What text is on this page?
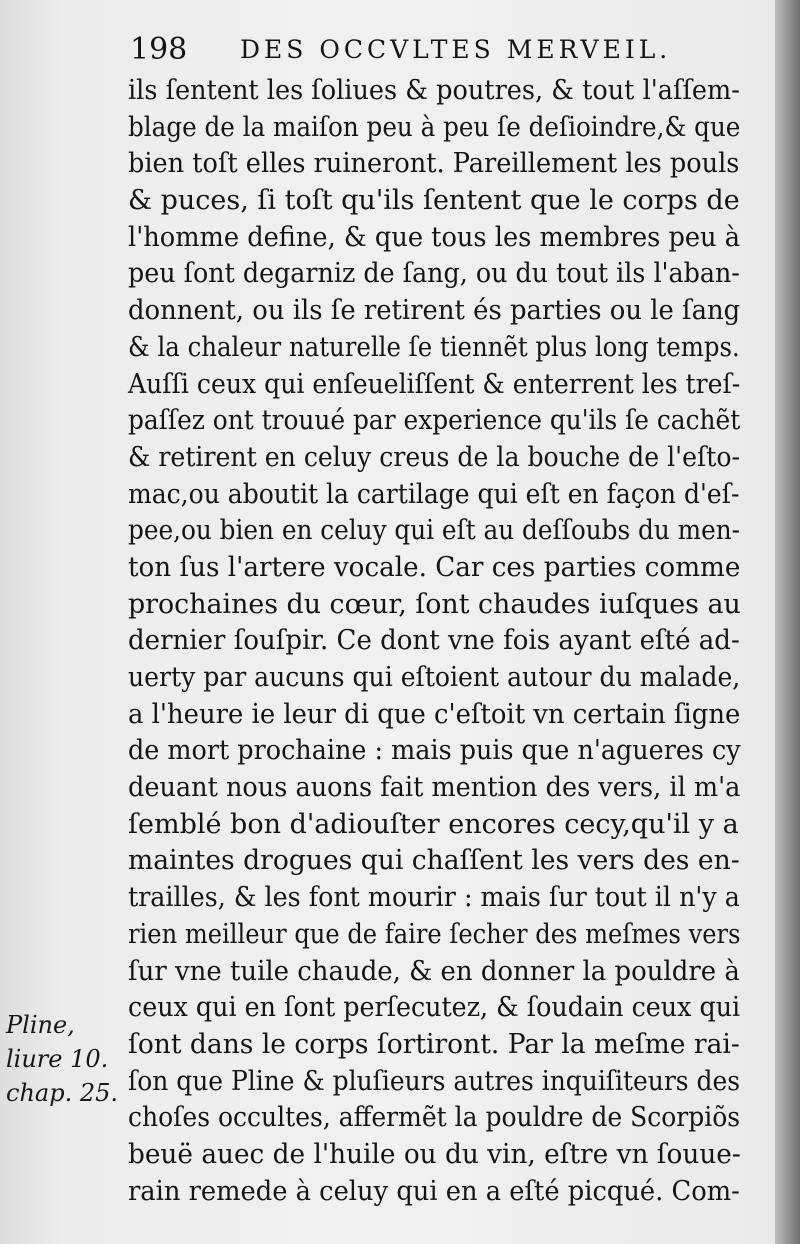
198 DES OCCVLTES MERVEIL.
ils ſentent les ſoliues & poutres, & tout l'aſſem-
blage de la maiſon peu à peu ſe deſioindre,& que
bien toſt elles ruineront. Pareillement les pouls
& puces, ſi toſt qu'ils ſentent que le corps de
l'homme define, & que tous les membres peu à
peu ſont degarniz de ſang, ou du tout ils l'aban-
donnent, ou ils ſe retirent és parties ou le ſang
& la chaleur naturelle ſe tiennẽt plus long temps.
Auſſi ceux qui enſeueliſſent & enterrent les treſ-
paſſez ont trouué par experience qu'ils ſe cachẽt
& retirent en celuy creus de la bouche de l'eſto-
mac,ou aboutit la cartilage qui eſt en façon d'eſ-
pee,ou bien en celuy qui eſt au deſſoubs du men-
ton ſus l'artere vocale. Car ces parties comme
prochaines du cœur, ſont chaudes iuſques au
dernier ſouſpir. Ce dont vne fois ayant eſté ad-
uerty par aucuns qui eſtoient autour du malade,
a l'heure ie leur di que c'eſtoit vn certain ſigne
de mort prochaine : mais puis que n'agueres cy
deuant nous auons fait mention des vers, il m'a
ſemblé bon d'adiouſter encores cecy,qu'il y a
maintes drogues qui chaſſent les vers des en-
trailles, & les font mourir : mais ſur tout il n'y a
rien meilleur que de faire ſecher des meſmes vers
ſur vne tuile chaude, & en donner la pouldre à
ceux qui en ſont perſecutez, & ſoudain ceux qui
ſont dans le corps ſortiront. Par la meſme rai-
ſon que Pline & pluſieurs autres inquiſiteurs des
choſes occultes, affermẽt la pouldre de Scorpiõs
beuë auec de l'huile ou du vin, eſtre vn ſouue-
rain remede à celuy qui en a eſté picqué. Com-
Pline,
liure 10.
chap. 25.
